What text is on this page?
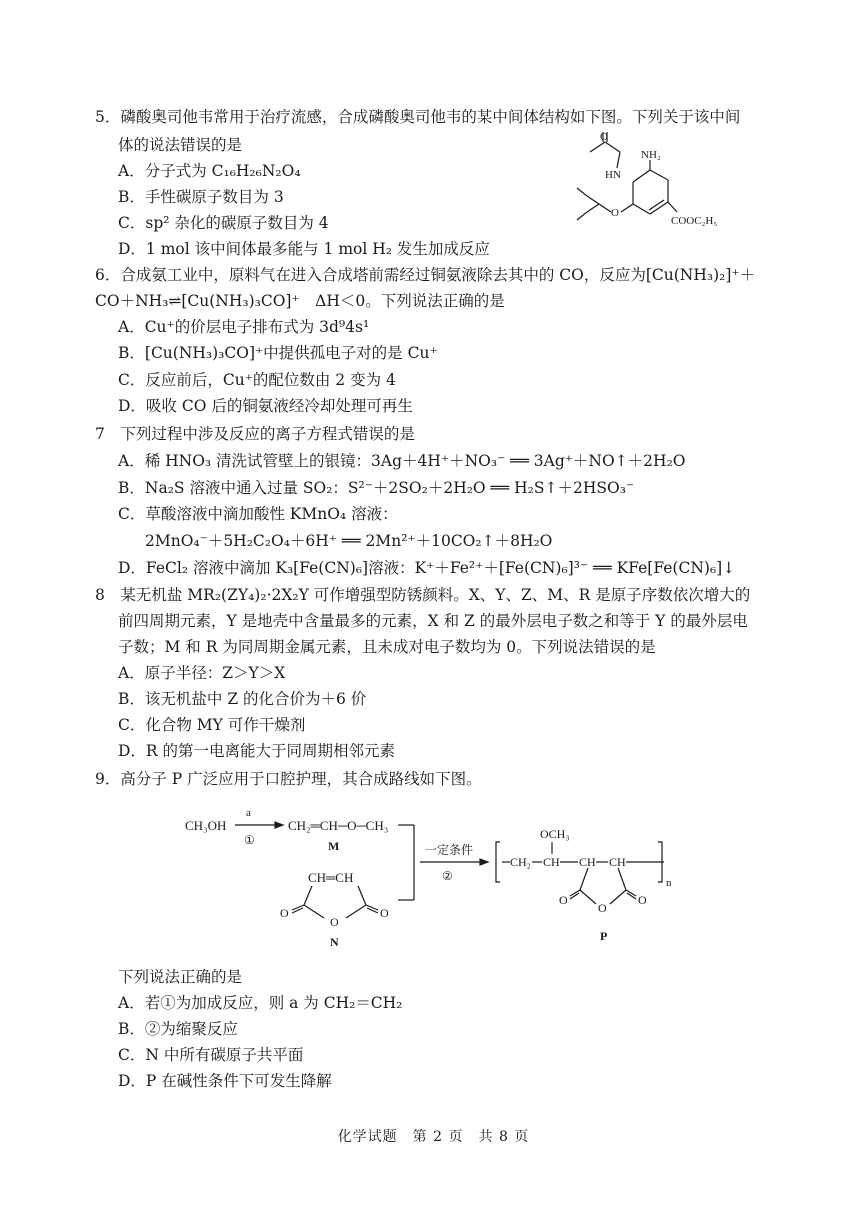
5．磷酸奥司他韦常用于治疗流感，合成磷酸奥司他韦的某中间体结构如下图。下列关于该中间
体的说法错误的是
A．分子式为 C₁₆H₂₆N₂O₄
B．手性碳原子数目为 3
C．sp² 杂化的碳原子数目为 4
D．1 mol 该中间体最多能与 1 mol H₂ 发生加成反应
O
HN
NH₂
O
COOC₂H₅
6．合成氨工业中，原料气在进入合成塔前需经过铜氨液除去其中的 CO，反应为[Cu(NH₃)₂]⁺＋
CO＋NH₃⇌[Cu(NH₃)₃CO]⁺　ΔH＜0。下列说法正确的是
A．Cu⁺的价层电子排布式为 3d⁹4s¹
B．[Cu(NH₃)₃CO]⁺中提供孤电子对的是 Cu⁺
C．反应前后，Cu⁺的配位数由 2 变为 4
D．吸收 CO 后的铜氨液经冷却处理可再生
7　下列过程中涉及反应的离子方程式错误的是
A．稀 HNO₃ 清洗试管壁上的银镜：3Ag＋4H⁺＋NO₃⁻ ══ 3Ag⁺＋NO↑＋2H₂O
B．Na₂S 溶液中通入过量 SO₂：S²⁻＋2SO₂＋2H₂O ══ H₂S↑＋2HSO₃⁻
C．草酸溶液中滴加酸性 KMnO₄ 溶液：
2MnO₄⁻＋5H₂C₂O₄＋6H⁺ ══ 2Mn²⁺＋10CO₂↑＋8H₂O
D．FeCl₂ 溶液中滴加 K₃[Fe(CN)₆]溶液：K⁺＋Fe²⁺＋[Fe(CN)₆]³⁻ ══ KFe[Fe(CN)₆]↓
8　某无机盐 MR₂(ZY₄)₂·2X₂Y 可作增强型防锈颜料。X、Y、Z、M、R 是原子序数依次增大的
前四周期元素，Y 是地壳中含量最多的元素，X 和 Z 的最外层电子数之和等于 Y 的最外层电
子数；M 和 R 为同周期金属元素，且未成对电子数均为 0。下列说法错误的是
A．原子半径：Z＞Y＞X
B．该无机盐中 Z 的化合价为＋6 价
C．化合物 MY 可作干燥剂
D．R 的第一电离能大于同周期相邻元素
9．高分子 P 广泛应用于口腔护理，其合成路线如下图。
CH₃OH
a
①
CH₂═CH─O─CH₃
M
CH═CH
O	O
O
N
一定条件
②
OCH₃
CH₂ CH CH CH
n
O	O
O
P
下列说法正确的是
A．若①为加成反应，则 a 为 CH₂＝CH₂
B．②为缩聚反应
C．N 中所有碳原子共平面
D．P 在碱性条件下可发生降解
化学试题　第 2 页　共 8 页
